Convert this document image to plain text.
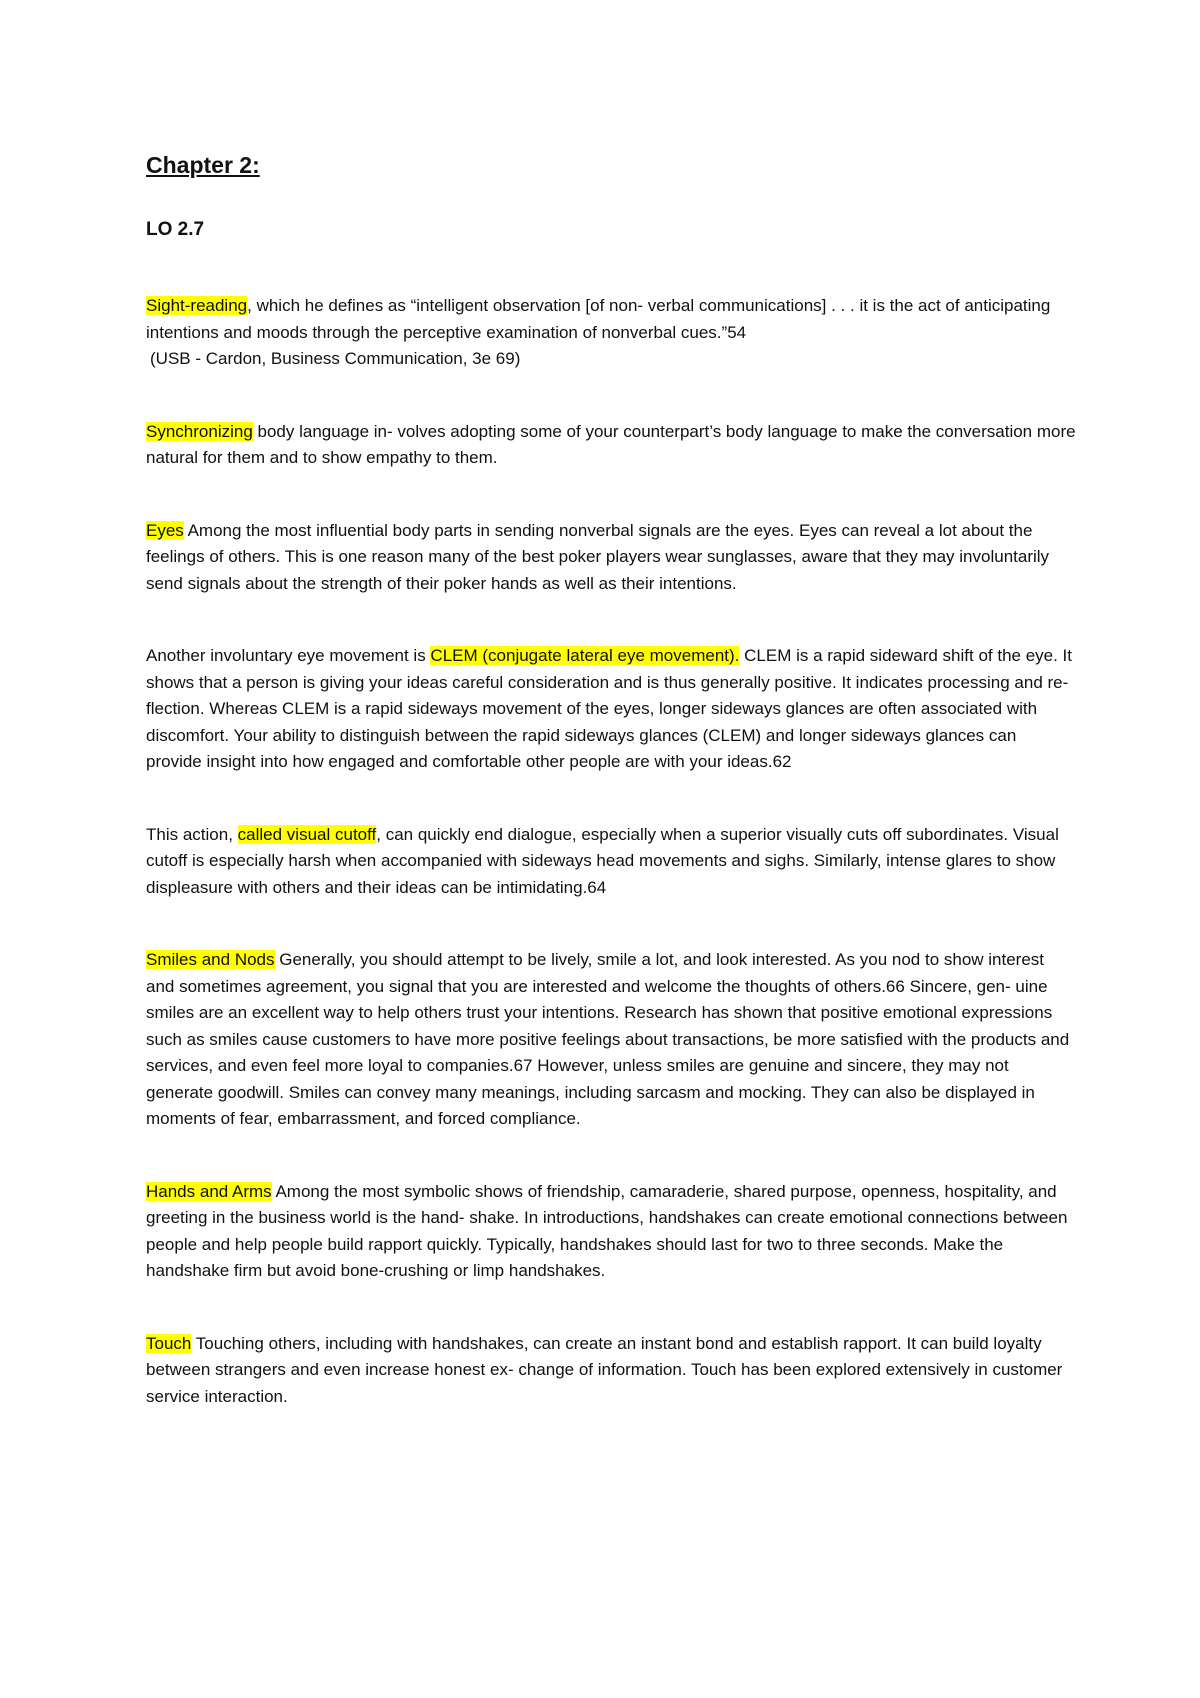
Chapter 2:
LO 2.7

Sight-reading, which he defines as “intelligent observation [of non- verbal communications] . . . it is the act of anticipating intentions and moods through the perceptive examination of nonverbal cues.”54
(USB - Cardon, Business Communication, 3e 69)

Synchronizing body language in- volves adopting some of your counterpart’s body language to make the conversation more natural for them and to show empathy to them.

Eyes Among the most influential body parts in sending nonverbal signals are the eyes. Eyes can reveal a lot about the feelings of others. This is one reason many of the best poker players wear sunglasses, aware that they may involuntarily send signals about the strength of their poker hands as well as their intentions.

Another involuntary eye movement is CLEM (conjugate lateral eye movement). CLEM is a rapid sideward shift of the eye. It shows that a person is giving your ideas careful consideration and is thus generally positive. It indicates processing and re- flection. Whereas CLEM is a rapid sideways movement of the eyes, longer sideways glances are often associated with discomfort. Your ability to distinguish between the rapid sideways glances (CLEM) and longer sideways glances can provide insight into how engaged and comfortable other people are with your ideas.62

This action, called visual cutoff, can quickly end dialogue, especially when a superior visually cuts off subordinates. Visual cutoff is especially harsh when accompanied with sideways head movements and sighs. Similarly, intense glares to show displeasure with others and their ideas can be intimidating.64

Smiles and Nods Generally, you should attempt to be lively, smile a lot, and look interested. As you nod to show interest and sometimes agreement, you signal that you are interested and welcome the thoughts of others.66 Sincere, gen- uine smiles are an excellent way to help others trust your intentions. Research has shown that positive emotional expressions such as smiles cause customers to have more positive feelings about transactions, be more satisfied with the products and services, and even feel more loyal to companies.67 However, unless smiles are genuine and sincere, they may not generate goodwill. Smiles can convey many meanings, including sarcasm and mocking. They can also be displayed in moments of fear, embarrassment, and forced compliance.

Hands and Arms Among the most symbolic shows of friendship, camaraderie, shared purpose, openness, hospitality, and greeting in the business world is the hand- shake. In introductions, handshakes can create emotional connections between people and help people build rapport quickly. Typically, handshakes should last for two to three seconds. Make the handshake firm but avoid bone-crushing or limp handshakes.

Touch Touching others, including with handshakes, can create an instant bond and establish rapport. It can build loyalty between strangers and even increase honest ex- change of information. Touch has been explored extensively in customer service interaction.
